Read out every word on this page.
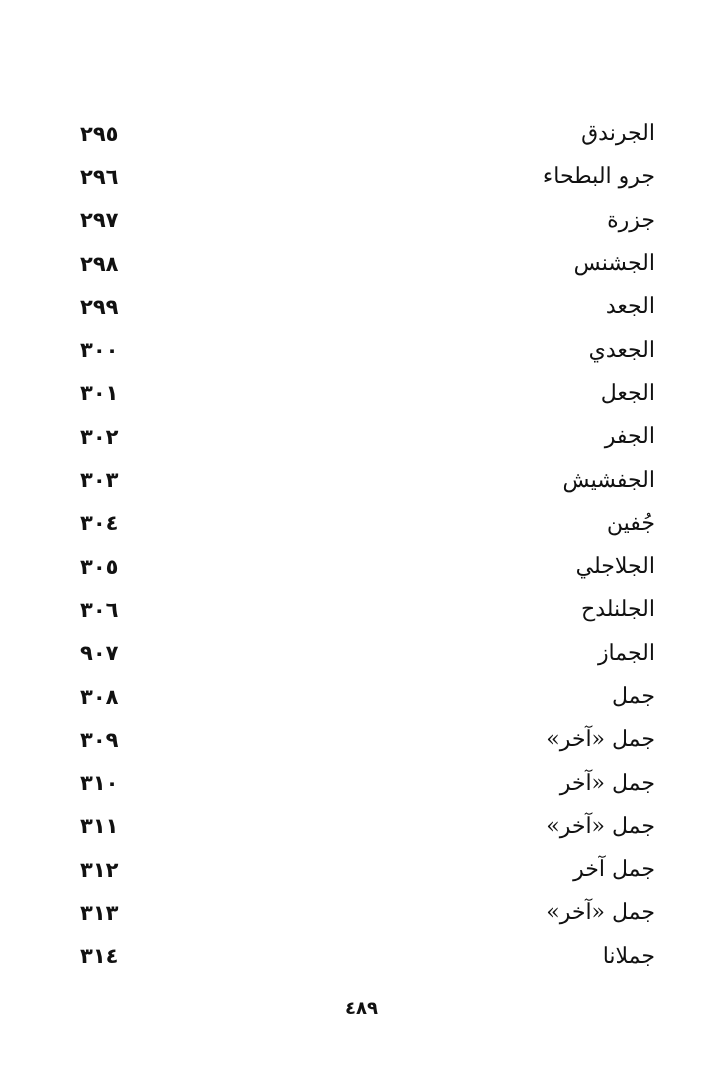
الجرندق
٢٩٥
جرو البطحاء
٢٩٦
جزرة
٢٩٧
الجشنس
٢٩٨
الجعد
٢٩٩
الجعدي
٣٠٠
الجعل
٣٠١
الجفر
٣٠٢
الجفشيش
٣٠٣
جُفين
٣٠٤
الجلاجلي
٣٠٥
الجلنلدح
٣٠٦
الجماز
٩٠٧
جمل
٣٠٨
جمل «آخر»
٣٠٩
جمل «آخر
٣١٠
جمل «آخر»
٣١١
جمل آخر
٣١٢
جمل «آخر»
٣١٣
جملانا
٣١٤
٤٨٩
